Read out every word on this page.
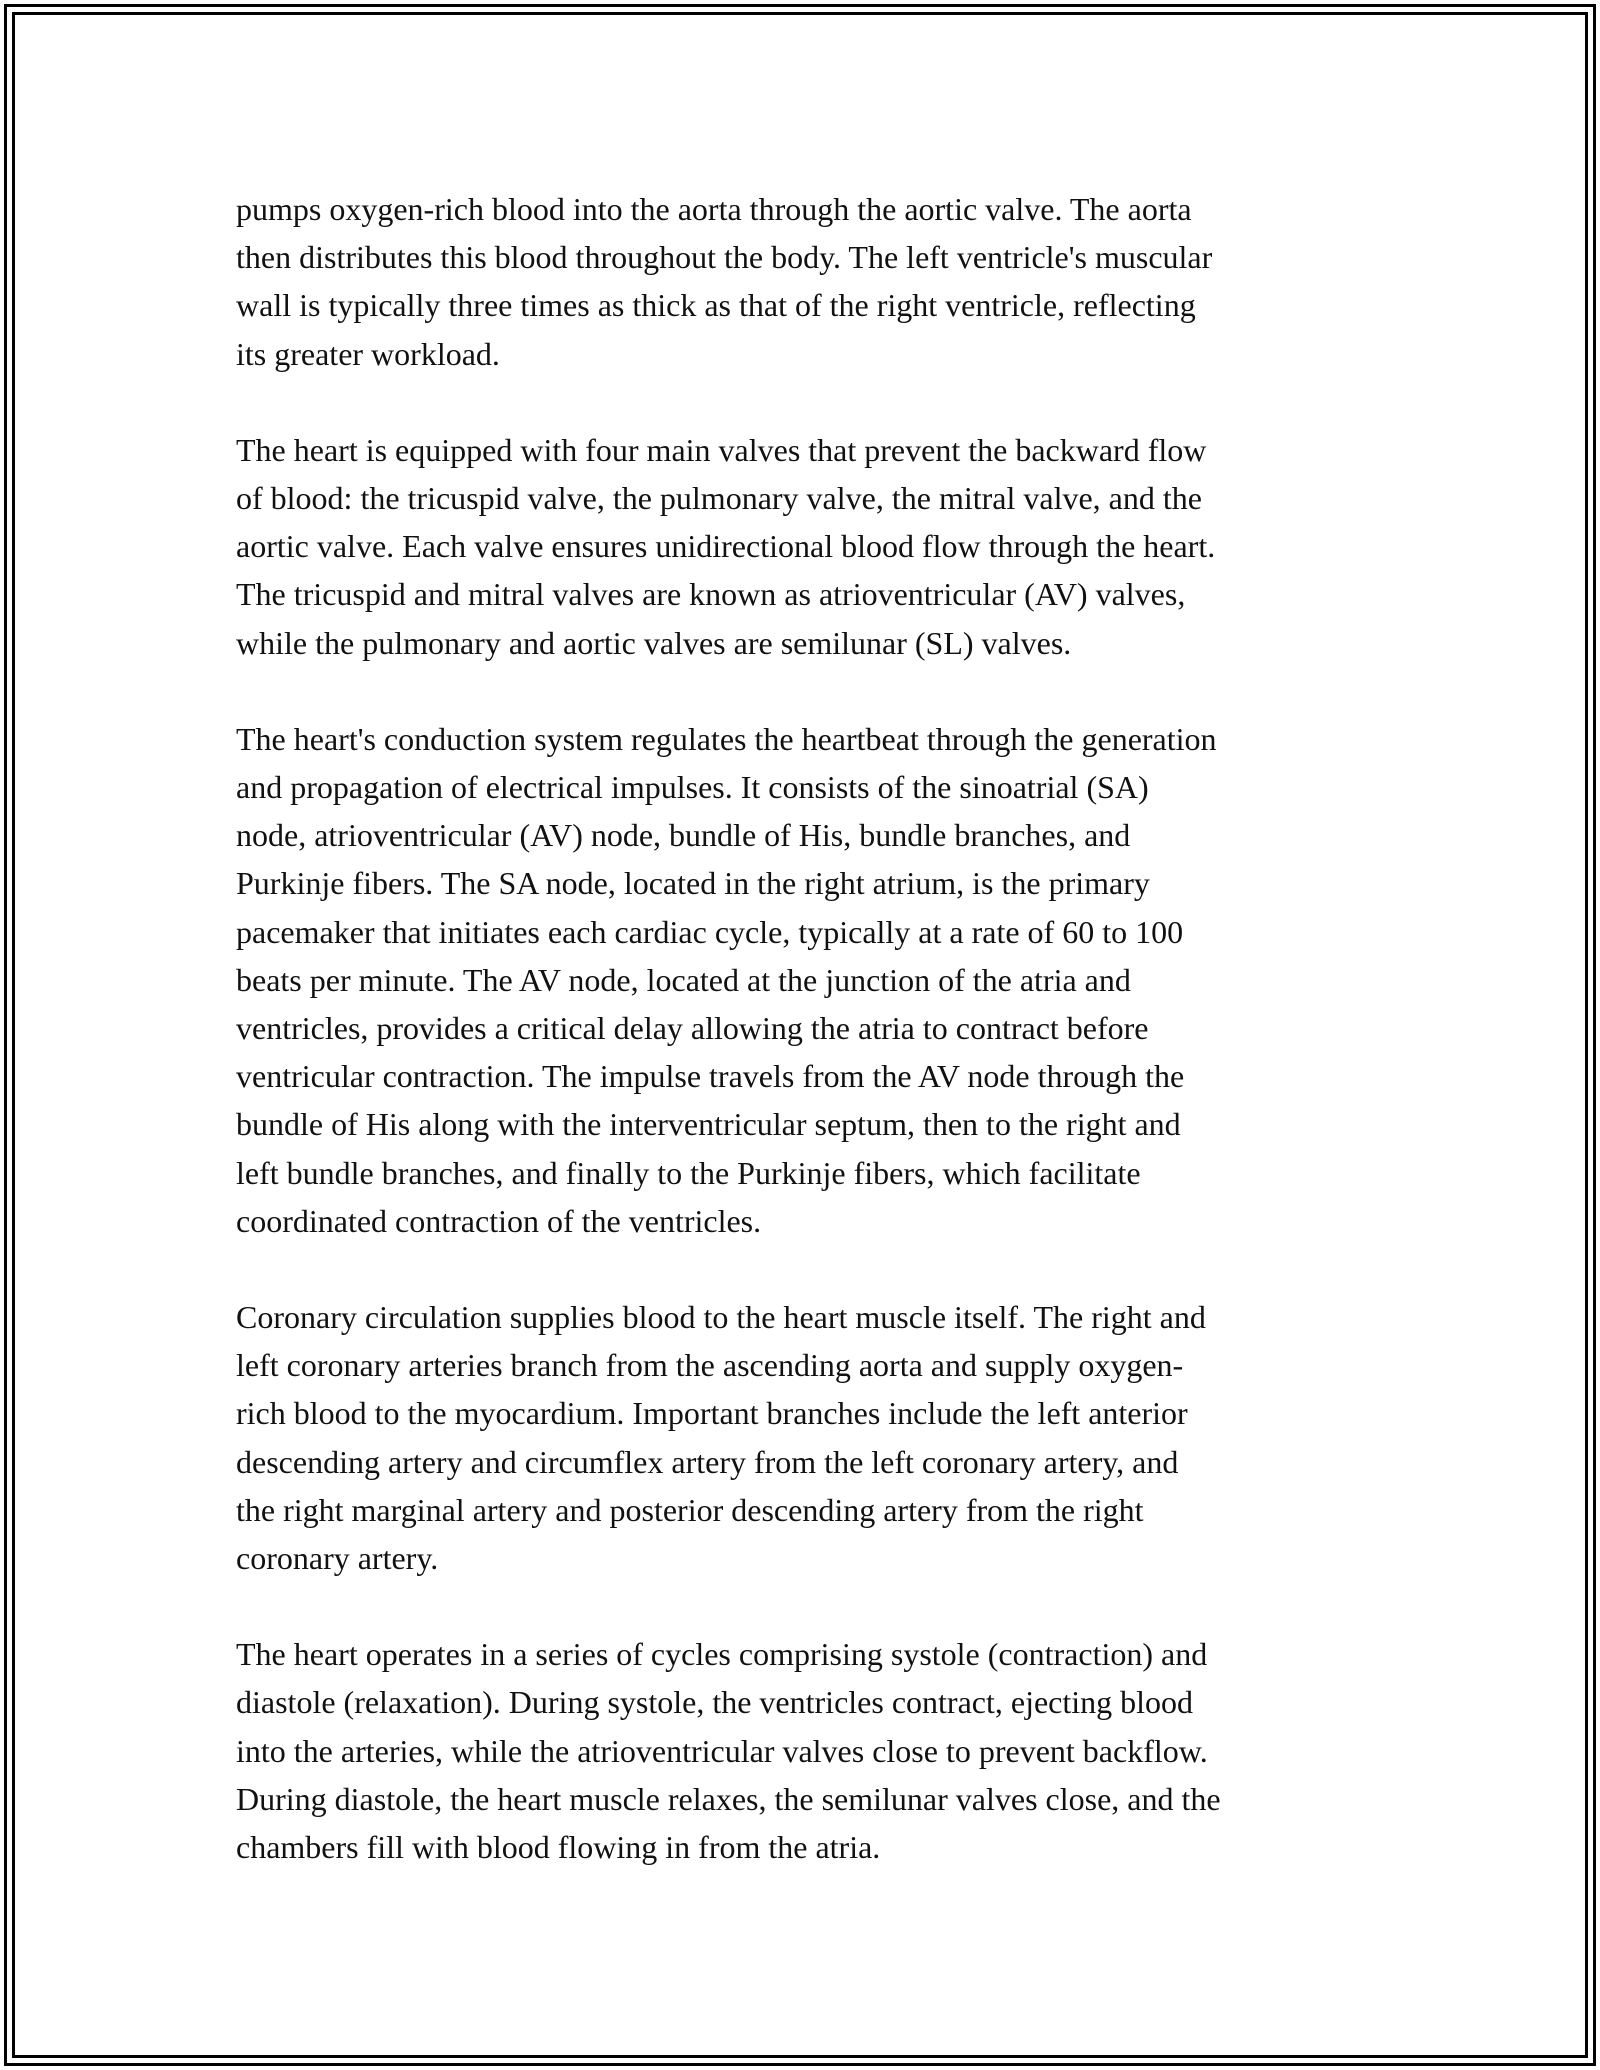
pumps oxygen-rich blood into the aorta through the aortic valve. The aorta
then distributes this blood throughout the body. The left ventricle's muscular
wall is typically three times as thick as that of the right ventricle, reflecting
its greater workload.

The heart is equipped with four main valves that prevent the backward flow
of blood: the tricuspid valve, the pulmonary valve, the mitral valve, and the
aortic valve. Each valve ensures unidirectional blood flow through the heart.
The tricuspid and mitral valves are known as atrioventricular (AV) valves,
while the pulmonary and aortic valves are semilunar (SL) valves.

The heart's conduction system regulates the heartbeat through the generation
and propagation of electrical impulses. It consists of the sinoatrial (SA)
node, atrioventricular (AV) node, bundle of His, bundle branches, and
Purkinje fibers. The SA node, located in the right atrium, is the primary
pacemaker that initiates each cardiac cycle, typically at a rate of 60 to 100
beats per minute. The AV node, located at the junction of the atria and
ventricles, provides a critical delay allowing the atria to contract before
ventricular contraction. The impulse travels from the AV node through the
bundle of His along with the interventricular septum, then to the right and
left bundle branches, and finally to the Purkinje fibers, which facilitate
coordinated contraction of the ventricles.

Coronary circulation supplies blood to the heart muscle itself. The right and
left coronary arteries branch from the ascending aorta and supply oxygen-
rich blood to the myocardium. Important branches include the left anterior
descending artery and circumflex artery from the left coronary artery, and
the right marginal artery and posterior descending artery from the right
coronary artery.

The heart operates in a series of cycles comprising systole (contraction) and
diastole (relaxation). During systole, the ventricles contract, ejecting blood
into the arteries, while the atrioventricular valves close to prevent backflow.
During diastole, the heart muscle relaxes, the semilunar valves close, and the
chambers fill with blood flowing in from the atria.
